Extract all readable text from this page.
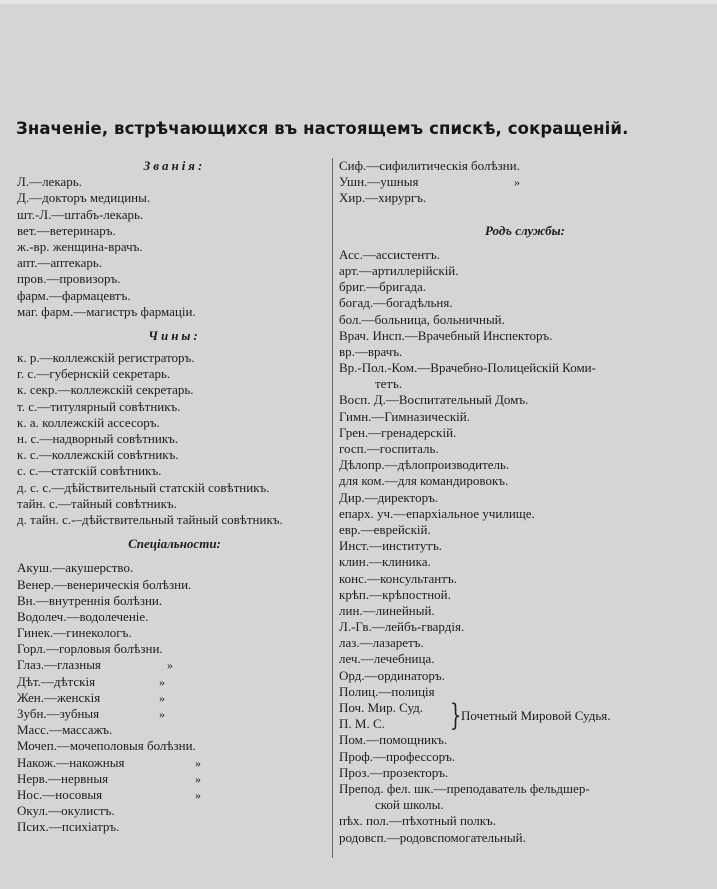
Значеніе, встрѣчающихся въ настоящемъ спискѣ, сокращеній.
Званія:
Л.—лекарь.
Д.—докторъ медицины.
шт.-Л.—штабъ-лекарь.
вет.—ветеринаръ.
ж.-вр. женщина-врачъ.
апт.—аптекарь.
пров.—провизоръ.
фарм.—фармацевтъ.
маг. фарм.—магистръ фармаціи.
Чины:
к. р.—коллежскій регистраторъ.
г. с.—губернскій секретарь.
к. секр.—коллежскій секретарь.
т. с.—титулярный совѣтникъ.
к. а. коллежскій ассесоръ.
н. с.—надворный совѣтникъ.
к. с.—коллежскій совѣтникъ.
с. с.—статскій совѣтникъ.
д. с. с.—дѣйствительный статскій совѣтникъ.
тайн. с.—тайный совѣтникъ.
д. тайн. с.-–дѣйствительный тайный совѣтникъ.
Спеціальности:
Акуш.—акушерство.
Венер.—венерическія болѣзни.
Вн.—внутреннія болѣзни.
Водолеч.—водолеченіе.
Гинек.—гинекологъ.
Горл.—горловыя болѣзни.
Глаз.—глазныя	»
Дѣт.—дѣтскія	»
Жен.—женскія	»
Зубн.—зубныя	»
Масс.—массажъ.
Мочеп.—мочеполовыя болѣзни.
Накож.—накожныя	»
Нерв.—нервныя	»
Нос.—носовыя	»
Окул.—окулистъ.
Псих.—психіатръ.
Сиф.—сифилитическія болѣзни.
Ушн.—ушныя	»
Хир.—хирургъ.
Родъ службы:
Асс.—ассистентъ.
арт.—артиллерійскій.
бриг.—бригада.
богад.—богадѣльня.
бол.—больница, больничный.
Врач. Инсп.—Врачебный Инспекторъ.
вр.—врачъ.
Вр.-Пол.-Ком.—Врачебно-Полицейскій Коми-
тетъ.
Восп. Д.—Воспитательный Домъ.
Гимн.—Гимназическій.
Грен.—гренадерскій.
госп.—госпиталь.
Дѣлопр.—дѣлопроизводитель.
для ком.—для командировокъ.
Дир.—директоръ.
епарх. уч.—епархіальное училище.
евр.—еврейскій.
Инст.—институтъ.
клин.—клиника.
конс.—консультантъ.
крѣп.—крѣпостной.
лин.—линейный.
Л.-Гв.—лейбъ-гвардія.
лаз.—лазаретъ.
леч.—лечебница.
Орд.—ординаторъ.
Полиц.—полиція
Поч. Мир. Суд.
П. М. С.	} Почетный Мировой Судья.
Пом.—помощникъ.
Проф.—профессоръ.
Проз.—прозекторъ.
Препод. фел. шк.—преподаватель фельдшер-
ской школы.
пѣх. пол.—пѣхотный полкъ.
родовсп.—родовспомогательный.
